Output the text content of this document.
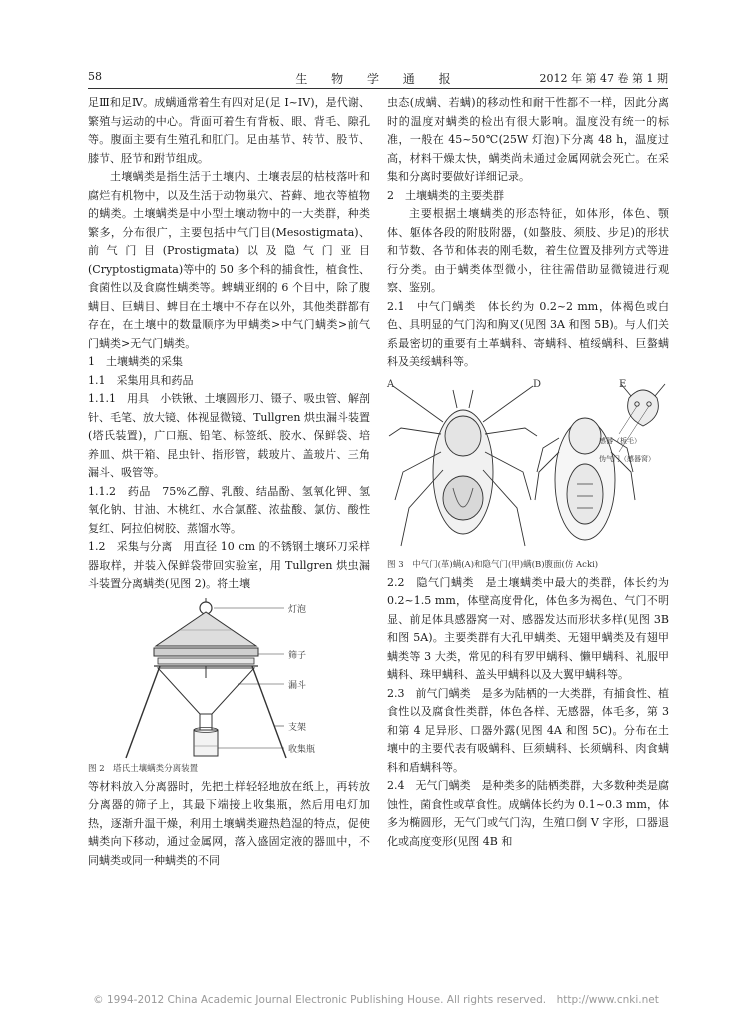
58	生 物 学 通 报	2012 年 第 47 卷 第 1 期

足Ⅲ和足Ⅳ。成螨通常着生有四对足(足 I~IV)，是代谢、繁殖与运动的中心。背面可着生有背板、眼、背毛、隙孔等。腹面主要有生殖孔和肛门。足由基节、转节、股节、膝节、胫节和跗节组成。

土壤螨类是指生活于土壤内、土壤表层的枯枝落叶和腐烂有机物中，以及生活于动物巢穴、苔藓、地衣等植物的螨类。土壤螨类是中小型土壤动物中的一大类群，种类繁多，分布很广，主要包括中气门目(Mesostigmata)、前气门目(Prostigmata)以及隐气门亚目(Cryptostigmata)等中的 50 多个科的捕食性，植食性、食菌性以及食腐性螨类等。蜱螨亚纲的 6 个目中，除了腹螨目、巨螨目、蜱目在土壤中不存在以外，其他类群都有存在，在土壤中的数量顺序为甲螨类>中气门螨类>前气门螨类>无气门螨类。

1　土壤螨类的采集

1.1　采集用具和药品

1.1.1　用具　小铁锹、土壤圆形刀、镊子、吸虫管、解剖针、毛笔、放大镜、体视显微镜、Tullgren 烘虫漏斗装置(塔氏装置)，广口瓶、铅笔、标签纸、胶水、保鲜袋、培养皿、烘干箱、昆虫针、指形管，载玻片、盖玻片、三角漏斗、吸管等。

1.1.2　药品　75%乙醇、乳酸、结晶酚、氢氧化钾、氢氧化钠、甘油、木桃红、水合氯醛、浓盐酸、氯仿、酸性复红、阿拉伯树胶、蒸馏水等。

1.2　采集与分离　用直径 10 cm 的不锈钢土壤环刀采样器取样，并装入保鲜袋带回实验室，用 Tullgren 烘虫漏斗装置分离螨类(见图 2)。将土壤

灯泡
筛子
漏斗
支架
收集瓶

图 2　塔氏土壤螨类分离装置

等材料放入分离器时，先把土样轻轻地放在纸上，再转放分离器的筛子上，其最下端接上收集瓶，然后用电灯加热，逐渐升温干燥，利用土壤螨类避热趋湿的特点，促使螨类向下移动，通过金属网，落入盛固定液的器皿中，不同螨类或同一种螨类的不同

虫态(成螨、若螨)的移动性和耐干性都不一样，因此分离时的温度对螨类的检出有很大影响。温度没有统一的标准，一般在 45~50℃(25W 灯泡)下分离 48 h，温度过高，材料干燥太快，螨类尚未通过金属网就会死亡。在采集和分离时要做好详细记录。

2　土壤螨类的主要类群

主要根据土壤螨类的形态特征，如体形，体色、颚体、躯体各段的附肢附器，(如螯肢、须肢、步足)的形状和节数、各节和体表的刚毛数，着生位置及排列方式等进行分类。由于螨类体型微小，往往需借助显微镜进行观察、鉴别。

2.1　中气门螨类　体长约为 0.2~2 mm，体褐色或白色、具明显的气门沟和胸叉(见图 3A 和图 5B)。与人们关系最密切的重要有土革螨科、寄螨科、植绥螨科、巨螯螨科及美绥螨科等。

A	D	E
感器（板毛）
伪气门（感器窝）

图 3　中气门(革)螨(A)和隐气门(甲)螨(B)腹面(仿 Acki)

2.2　隐气门螨类　是土壤螨类中最大的类群，体长约为 0.2~1.5 mm，体壁高度骨化，体色多为褐色、气门不明显、前足体具感器窝一对、感器发达而形状多样(见图 3B 和图 5A)。主要类群有大孔甲螨类、无翅甲螨类及有翅甲螨类等 3 大类，常见的科有罗甲螨科、懒甲螨科、礼服甲螨科、珠甲螨科、盖头甲螨科以及大翼甲螨科等。

2.3　前气门螨类　是多为陆栖的一大类群，有捕食性、植食性以及腐食性类群，体色各样、无感器，体毛多，第 3 和第 4 足异形、口器外露(见图 4A 和图 5C)。分布在土壤中的主要代表有吸螨科、巨须螨科、长须螨科、肉食螨科和盾螨科等。

2.4　无气门螨类　是种类多的陆栖类群，大多数种类是腐蚀性，菌食性或草食性。成螨体长约为 0.1~0.3 mm，体多为椭圆形，无气门或气门沟，生殖口倒 V 字形，口器退化或高度变形(见图 4B 和

© 1994-2012 China Academic Journal Electronic Publishing House. All rights reserved.　http://www.cnki.net
